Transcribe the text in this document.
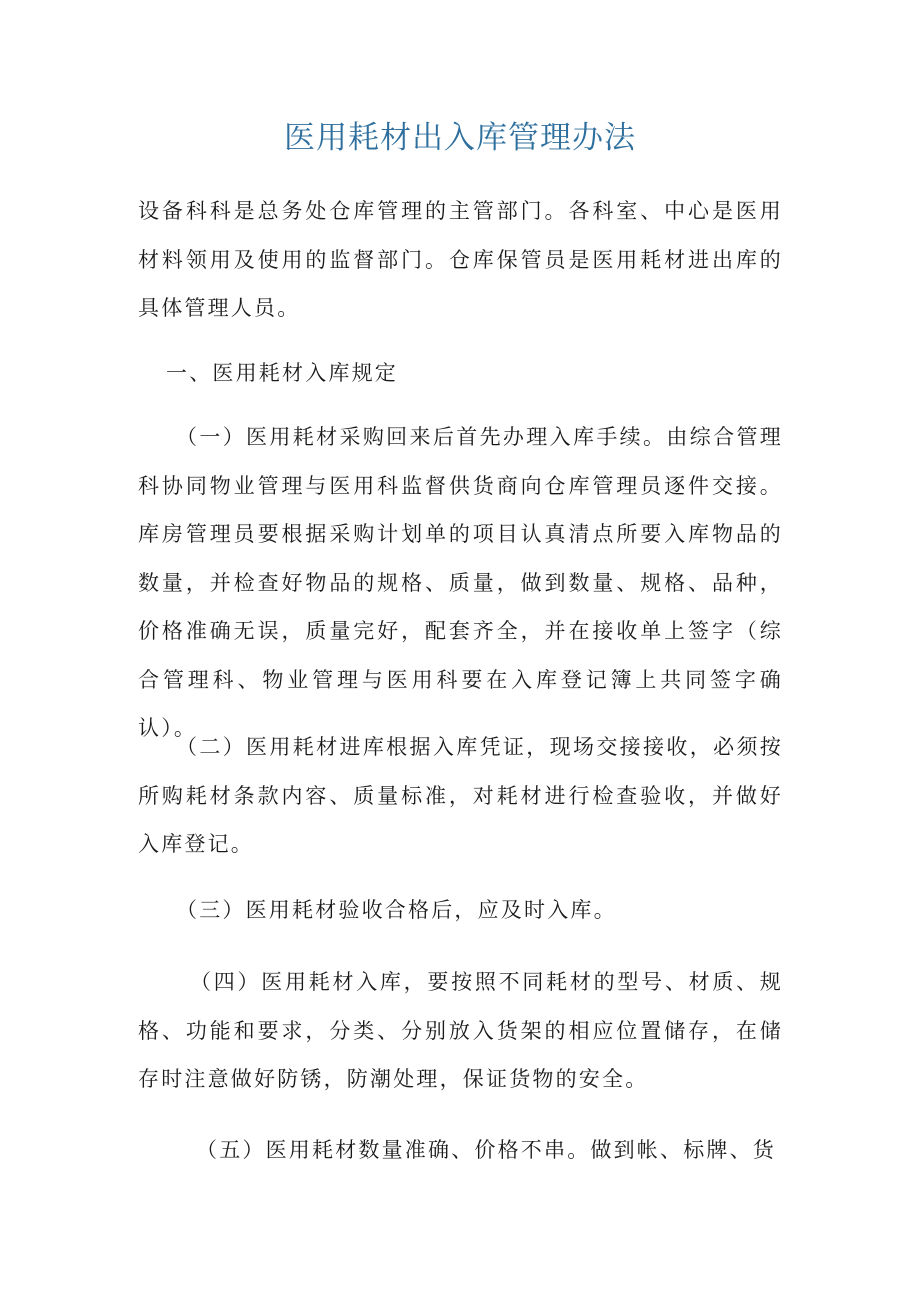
医用耗材出入库管理办法

设备科科是总务处仓库管理的主管部门。各科室、中心是医用材料领用及使用的监督部门。仓库保管员是医用耗材进出库的具体管理人员。

一、医用耗材入库规定

（一）医用耗材采购回来后首先办理入库手续。由综合管理科协同物业管理与医用科监督供货商向仓库管理员逐件交接。库房管理员要根据采购计划单的项目认真清点所要入库物品的数量，并检查好物品的规格、质量，做到数量、规格、品种，价格准确无误，质量完好，配套齐全，并在接收单上签字（综合管理科、物业管理与医用科要在入库登记簿上共同签字确认）。

（二）医用耗材进库根据入库凭证，现场交接接收，必须按所购耗材条款内容、质量标准，对耗材进行检查验收，并做好入库登记。

（三）医用耗材验收合格后，应及时入库。

（四）医用耗材入库，要按照不同耗材的型号、材质、规格、功能和要求，分类、分别放入货架的相应位置储存，在储存时注意做好防锈，防潮处理，保证货物的安全。

（五）医用耗材数量准确、价格不串。做到帐、标牌、货
